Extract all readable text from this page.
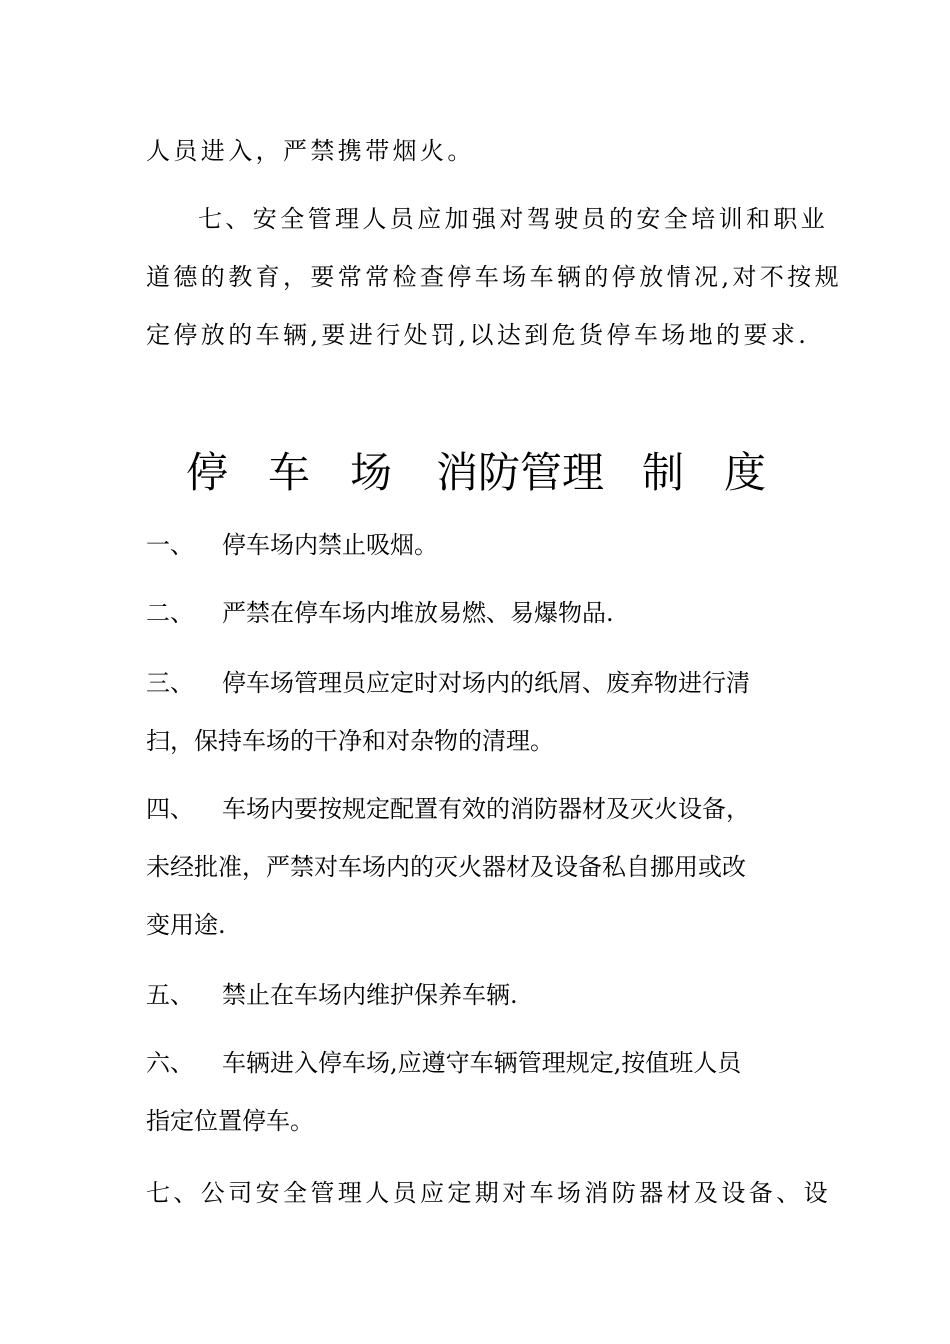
人员进入，严禁携带烟火。
七、安全管理人员应加强对驾驶员的安全培训和职业
道德的教育，要常常检查停车场车辆的停放情况,对不按规
定停放的车辆,要进行处罚,以达到危货停车场地的要求.
停 车 场 消防管理 制 度
一、 停车场内禁止吸烟。
二、 严禁在停车场内堆放易燃、易爆物品.
三、 停车场管理员应定时对场内的纸屑、废弃物进行清
扫，保持车场的干净和对杂物的清理。
四、 车场内要按规定配置有效的消防器材及灭火设备，
未经批准，严禁对车场内的灭火器材及设备私自挪用或改
变用途.
五、 禁止在车场内维护保养车辆.
六、 车辆进入停车场,应遵守车辆管理规定,按值班人员
指定位置停车。
七、公司安全管理人员应定期对车场消防器材及设备、设
